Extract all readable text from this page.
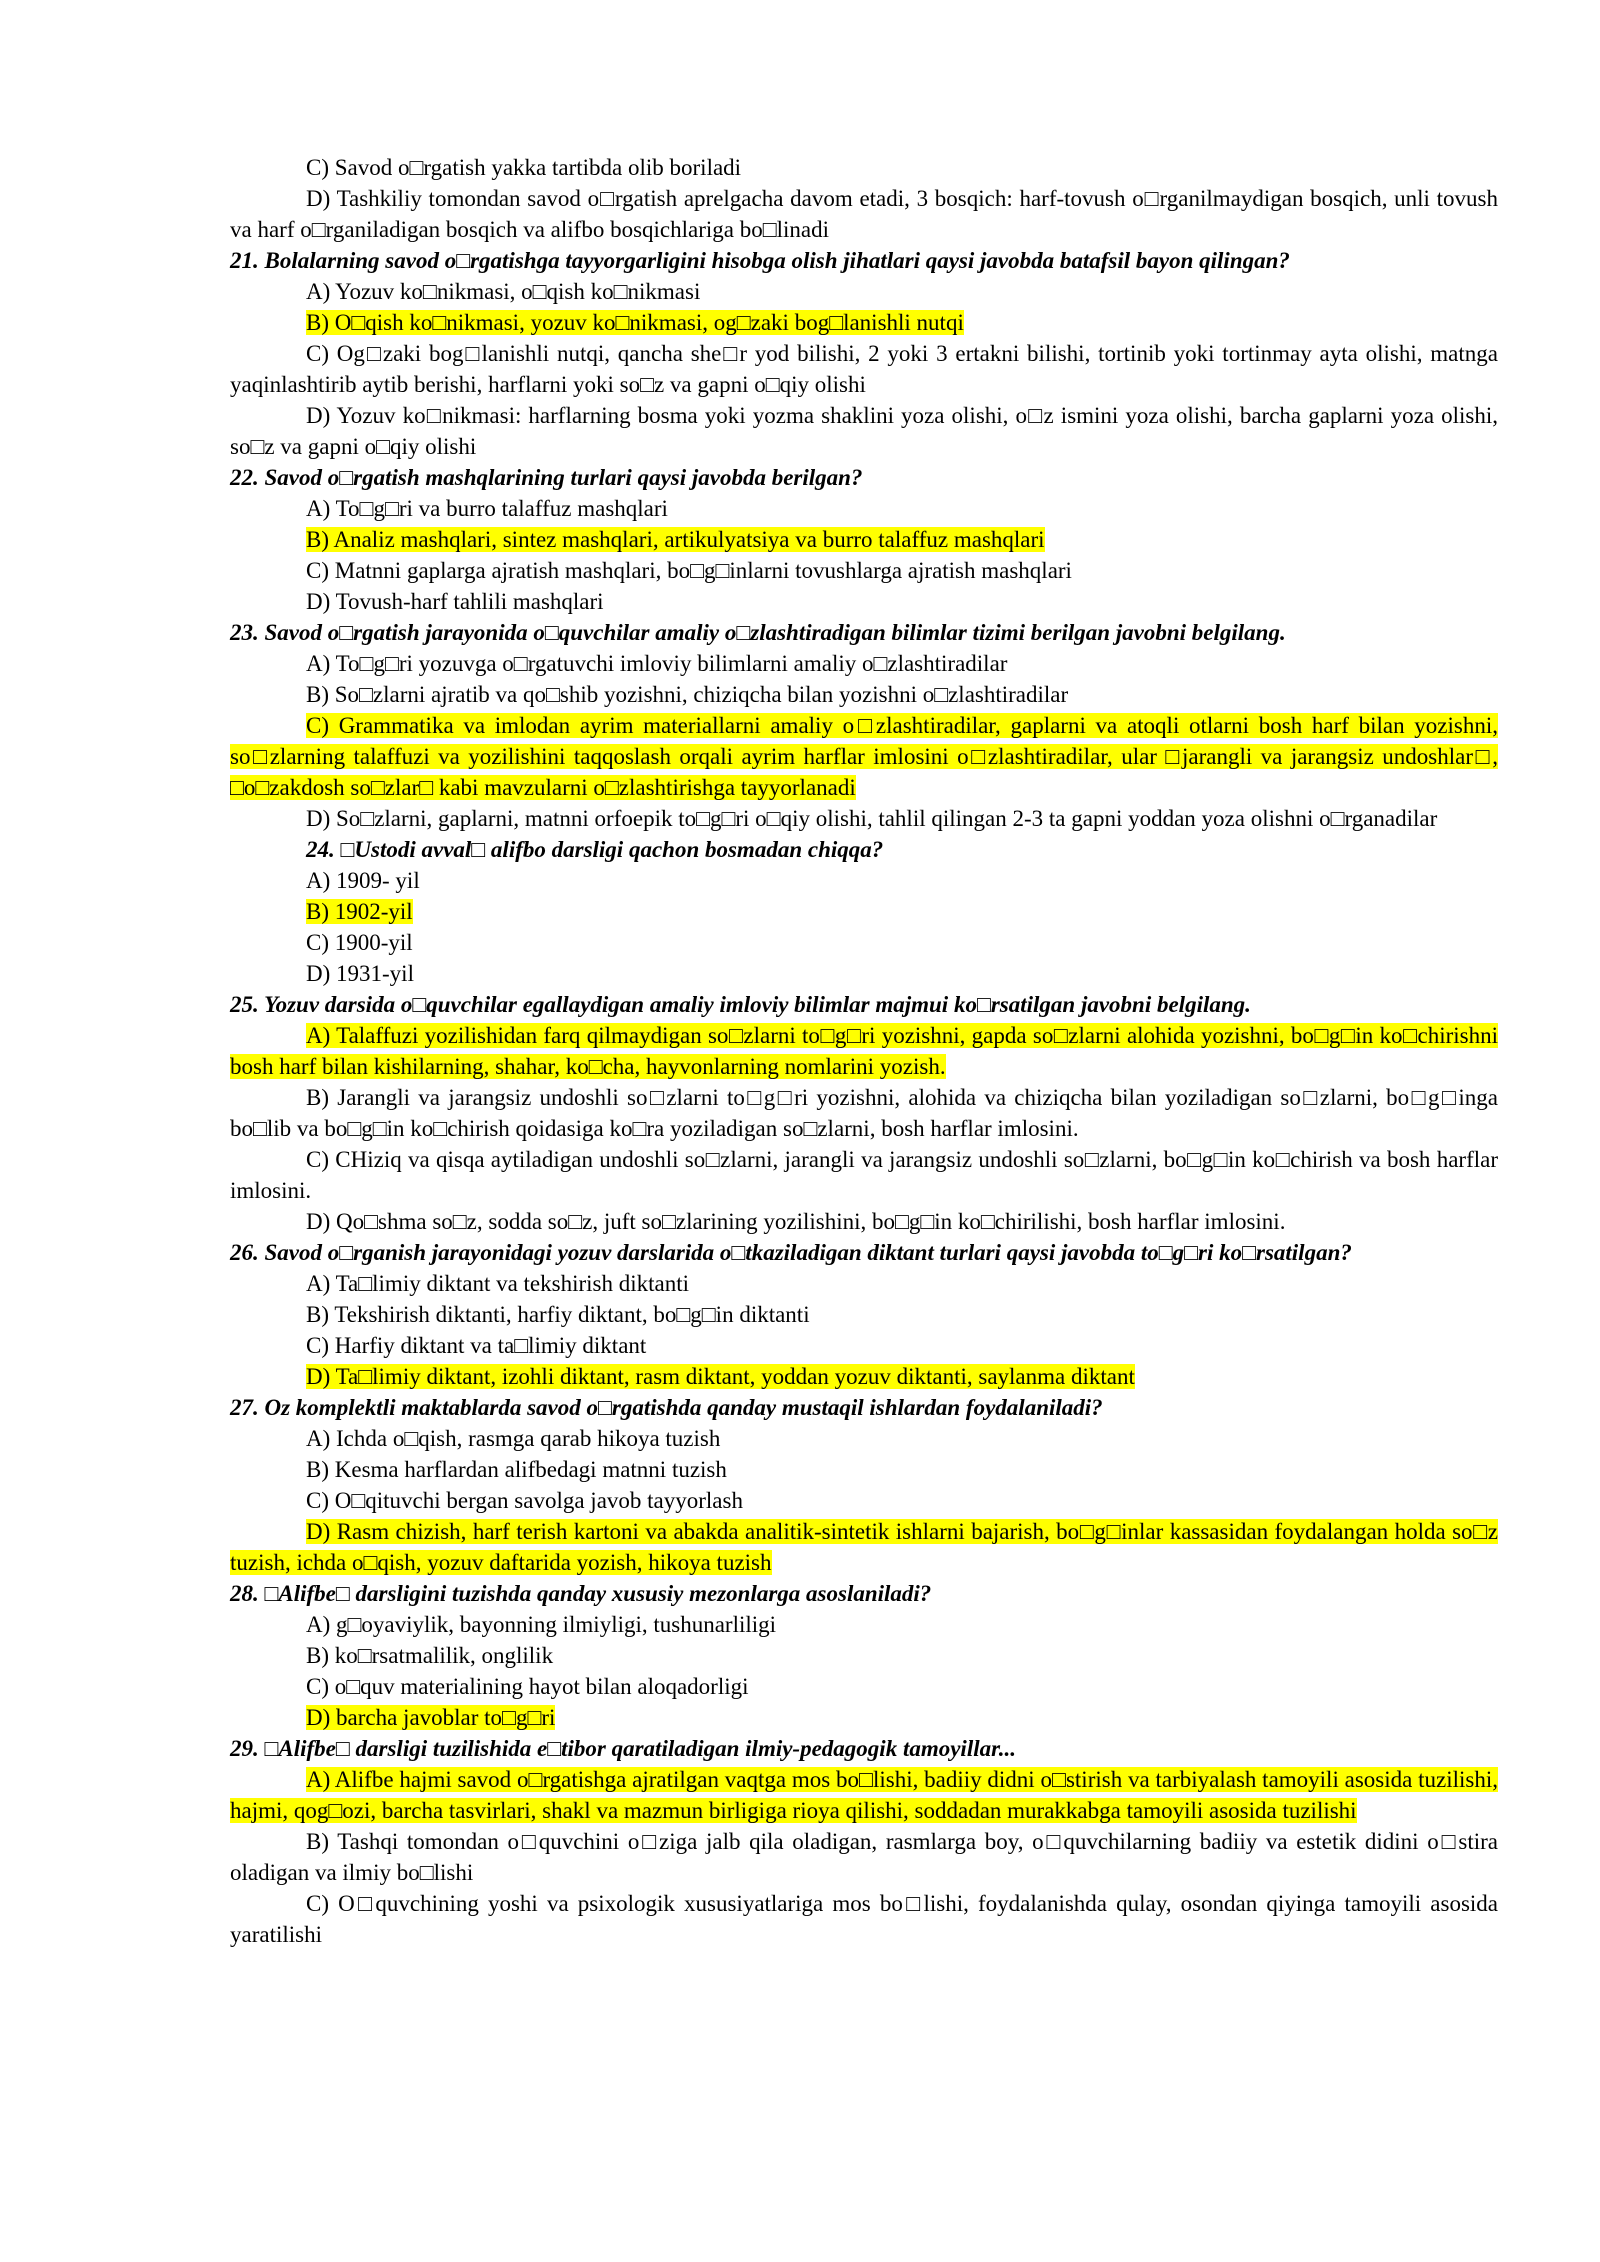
C) Savod o□rgatish yakka tartibda olib boriladi

D) Tashkiliy tomondan savod o□rgatish aprelgacha davom etadi, 3 bosqich: harf-tovush o□rganilmaydigan bosqich, unli tovush va harf o□rganiladigan bosqich va alifbo bosqichlariga bo□linadi

21. Bolalarning savod o□rgatishga tayyorgarligini hisobga olish jihatlari qaysi javobda batafsil bayon qilingan?

A) Yozuv ko□nikmasi, o□qish ko□nikmasi

B) O□qish ko□nikmasi, yozuv ko□nikmasi, og□zaki bog□lanishli nutqi

C) Og□zaki bog□lanishli nutqi, qancha she□r yod bilishi, 2 yoki 3 ertakni bilishi, tortinib yoki tortinmay ayta olishi, matnga yaqinlashtirib aytib berishi, harflarni yoki so□z va gapni o□qiy olishi

D) Yozuv ko□nikmasi: harflarning bosma yoki yozma shaklini yoza olishi, o□z ismini yoza olishi, barcha gaplarni yoza olishi, so□z va gapni o□qiy olishi

22. Savod o□rgatish mashqlarining turlari qaysi javobda berilgan?

A) To□g□ri va burro talaffuz mashqlari

B) Analiz mashqlari, sintez mashqlari, artikulyatsiya va burro talaffuz mashqlari

C) Matnni gaplarga ajratish mashqlari, bo□g□inlarni tovushlarga ajratish mashqlari

D) Tovush-harf tahlili mashqlari

23. Savod o□rgatish jarayonida o□quvchilar amaliy o□zlashtiradigan bilimlar tizimi berilgan javobni belgilang.

A) To□g□ri yozuvga o□rgatuvchi imloviy bilimlarni amaliy o□zlashtiradilar

B) So□zlarni ajratib va qo□shib yozishni, chiziqcha bilan yozishni o□zlashtiradilar

C) Grammatika va imlodan ayrim materiallarni amaliy o□zlashtiradilar, gaplarni va atoqli otlarni bosh harf bilan yozishni, so□zlarning talaffuzi va yozilishini taqqoslash orqali ayrim harflar imlosini o□zlashtiradilar, ular □jarangli va jarangsiz undoshlar□, □o□zakdosh so□zlar□ kabi mavzularni o□zlashtirishga tayyorlanadi

D) So□zlarni, gaplarni, matnni orfoepik to□g□ri o□qiy olishi, tahlil qilingan 2-3 ta gapni yoddan yoza olishni o□rganadilar

24. □Ustodi avval□ alifbo darsligi qachon bosmadan chiqqa?

A) 1909- yil

B) 1902-yil

C) 1900-yil

D) 1931-yil

25. Yozuv darsida o□quvchilar egallaydigan amaliy imloviy bilimlar majmui ko□rsatilgan javobni belgilang.

A) Talaffuzi yozilishidan farq qilmaydigan so□zlarni to□g□ri yozishni, gapda so□zlarni alohida yozishni, bo□g□in ko□chirishni bosh harf bilan kishilarning, shahar, ko□cha, hayvonlarning nomlarini yozish.

B) Jarangli va jarangsiz undoshli so□zlarni to□g□ri yozishni, alohida va chiziqcha bilan yoziladigan so□zlarni, bo□g□inga bo□lib va bo□g□in ko□chirish qoidasiga ko□ra yoziladigan so□zlarni, bosh harflar imlosini.

C) CHiziq va qisqa aytiladigan undoshli so□zlarni, jarangli va jarangsiz undoshli so□zlarni, bo□g□in ko□chirish va bosh harflar imlosini.

D) Qo□shma so□z, sodda so□z, juft so□zlarining yozilishini, bo□g□in ko□chirilishi, bosh harflar imlosini.

26. Savod o□rganish jarayonidagi yozuv darslarida o□tkaziladigan diktant turlari qaysi javobda to□g□ri ko□rsatilgan?

A) Ta□limiy diktant va tekshirish diktanti

B) Tekshirish diktanti, harfiy diktant, bo□g□in diktanti

C) Harfiy diktant va ta□limiy diktant

D) Ta□limiy diktant, izohli diktant, rasm diktant, yoddan yozuv diktanti, saylanma diktant

27. Oz komplektli maktablarda savod o□rgatishda qanday mustaqil ishlardan foydalaniladi?

A) Ichda o□qish, rasmga qarab hikoya tuzish

B) Kesma harflardan alifbedagi matnni tuzish

C) O□qituvchi bergan savolga javob tayyorlash

D) Rasm chizish, harf terish kartoni va abakda analitik-sintetik ishlarni bajarish, bo□g□inlar kassasidan foydalangan holda so□z tuzish, ichda o□qish, yozuv daftarida yozish, hikoya tuzish

28. □Alifbe□ darsligini tuzishda qanday xususiy mezonlarga asoslaniladi?

A) g□oyaviylik, bayonning ilmiyligi, tushunarliligi

B) ko□rsatmalilik, onglilik

C) o□quv materialining hayot bilan aloqadorligi

D) barcha javoblar to□g□ri

29. □Alifbe□ darsligi tuzilishida e□tibor qaratiladigan ilmiy-pedagogik tamoyillar...

A) Alifbe hajmi savod o□rgatishga ajratilgan vaqtga mos bo□lishi, badiiy didni o□stirish va tarbiyalash tamoyili asosida tuzilishi, hajmi, qog□ozi, barcha tasvirlari, shakl va mazmun birligiga rioya qilishi, soddadan murakkabga tamoyili asosida tuzilishi

B) Tashqi tomondan o□quvchini o□ziga jalb qila oladigan, rasmlarga boy, o□quvchilarning badiiy va estetik didini o□stira oladigan va ilmiy bo□lishi

C) O□quvchining yoshi va psixologik xususiyatlariga mos bo□lishi, foydalanishda qulay, osondan qiyinga tamoyili asosida yaratilishi
